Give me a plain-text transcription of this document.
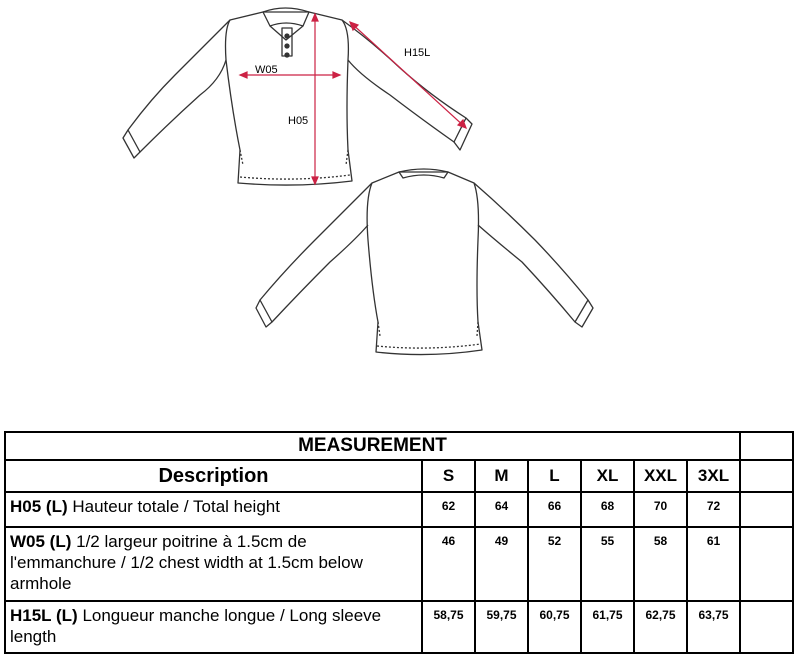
W05
H05
H15L
MEASUREMENT							
Description	S	M	L	XL	XXL	3XL	
H05 (L) Hauteur totale / Total height	62	64	66	68	70	72	
W05 (L) 1/2 largeur poitrine à 1.5cm de l'emmanchure / 1/2 chest width at 1.5cm below armhole	46	49	52	55	58	61	
H15L (L) Longueur manche longue / Long sleeve length	58,75	59,75	60,75	61,75	62,75	63,75	
